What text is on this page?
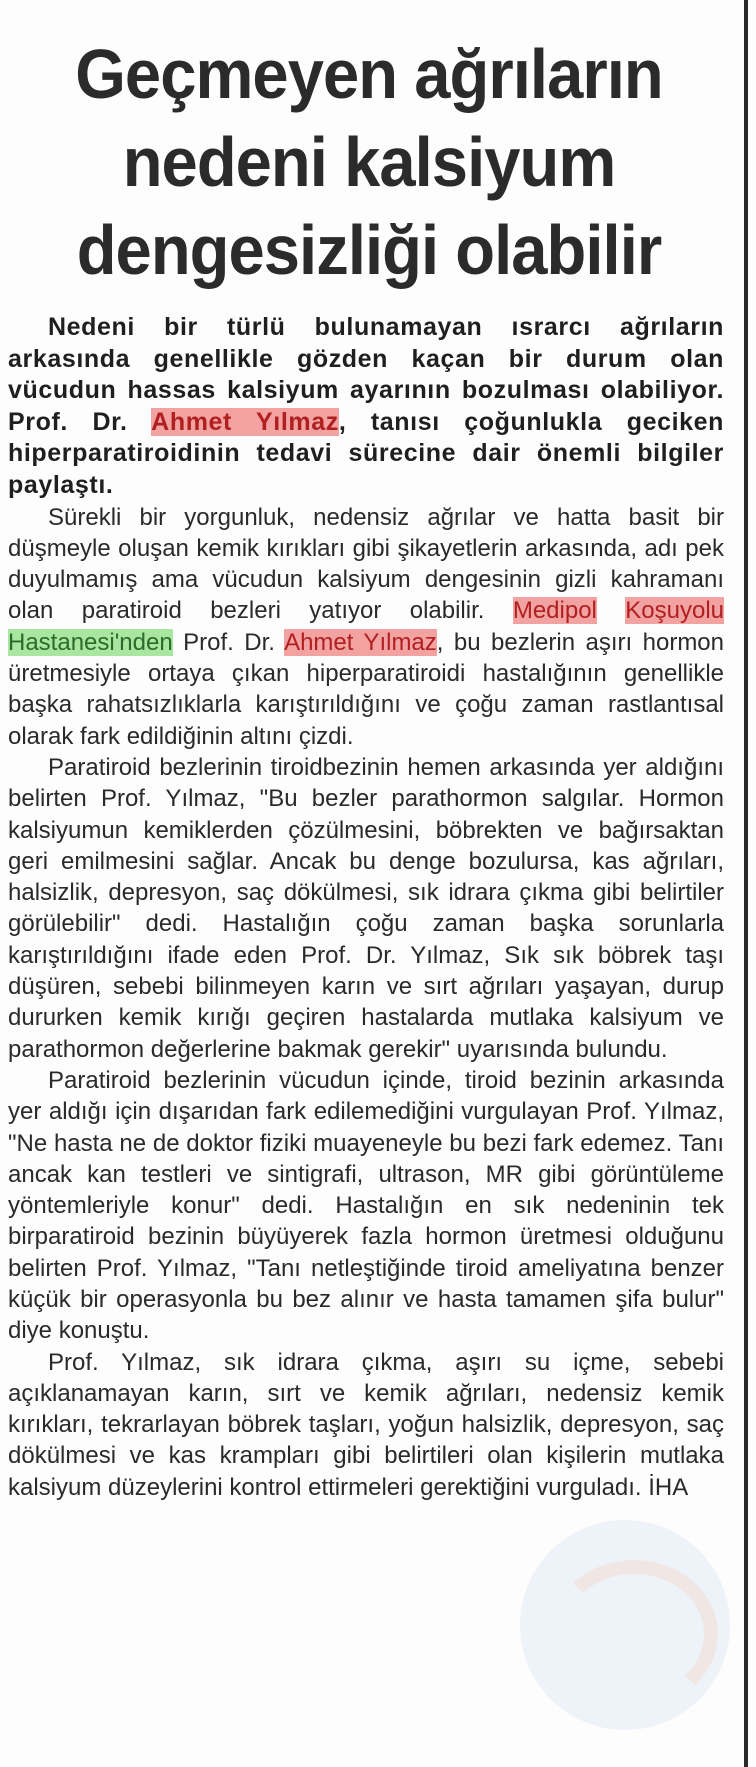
Geçmeyen ağrıların
nedeni kalsiyum
dengesizliği olabilir

Nedeni bir türlü bulunamayan ısrarcı ağrıların arkasında genellikle gözden kaçan bir durum olan vücudun hassas kalsiyum ayarının bozulması olabiliyor. Prof. Dr. Ahmet Yılmaz, tanısı çoğunlukla geciken hiperparatiroidinin tedavi sürecine dair önemli bilgiler paylaştı.

Sürekli bir yorgunluk, nedensiz ağrılar ve hatta basit bir düşmeyle oluşan kemik kırıkları gibi şikayetlerin arkasında, adı pek duyulmamış ama vücudun kalsiyum dengesinin gizli kahramanı olan paratiroid bezleri yatıyor olabilir. Medipol Koşuyolu Hastanesi'nden Prof. Dr. Ahmet Yılmaz, bu bezlerin aşırı hormon üretmesiyle ortaya çıkan hiperparatiroidi hastalığının genellikle başka rahatsızlıklarla karıştırıldığını ve çoğu zaman rastlantısal olarak fark edildiğinin altını çizdi.

Paratiroid bezlerinin tiroidbezinin hemen arkasında yer aldığını belirten Prof. Yılmaz, "Bu bezler parathormon salgılar. Hormon kalsiyumun kemiklerden çözülmesini, böbrekten ve bağırsaktan geri emilmesini sağlar. Ancak bu denge bozulursa, kas ağrıları, halsizlik, depresyon, saç dökülmesi, sık idrara çıkma gibi belirtiler görülebilir" dedi. Hastalığın çoğu zaman başka sorunlarla karıştırıldığını ifade eden Prof. Dr. Yılmaz, Sık sık böbrek taşı düşüren, sebebi bilinmeyen karın ve sırt ağrıları yaşayan, durup dururken kemik kırığı geçiren hastalarda mutlaka kalsiyum ve parathormon değerlerine bakmak gerekir" uyarısında bulundu.

Paratiroid bezlerinin vücudun içinde, tiroid bezinin arkasında yer aldığı için dışarıdan fark edilemediğini vurgulayan Prof. Yılmaz, "Ne hasta ne de doktor fiziki muayeneyle bu bezi fark edemez. Tanı ancak kan testleri ve sintigrafi, ultrason, MR gibi görüntüleme yöntemleriyle konur" dedi. Hastalığın en sık nedeninin tek birparatiroid bezinin büyüyerek fazla hormon üretmesi olduğunu belirten Prof. Yılmaz, "Tanı netleştiğinde tiroid ameliyatına benzer küçük bir operasyonla bu bez alınır ve hasta tamamen şifa bulur" diye konuştu.

Prof. Yılmaz, sık idrara çıkma, aşırı su içme, sebebi açıklanamayan karın, sırt ve kemik ağrıları, nedensiz kemik kırıkları, tekrarlayan böbrek taşları, yoğun halsizlik, depresyon, saç dökülmesi ve kas krampları gibi belirtileri olan kişilerin mutlaka kalsiyum düzeylerini kontrol ettirmeleri gerektiğini vurguladı. İHA
